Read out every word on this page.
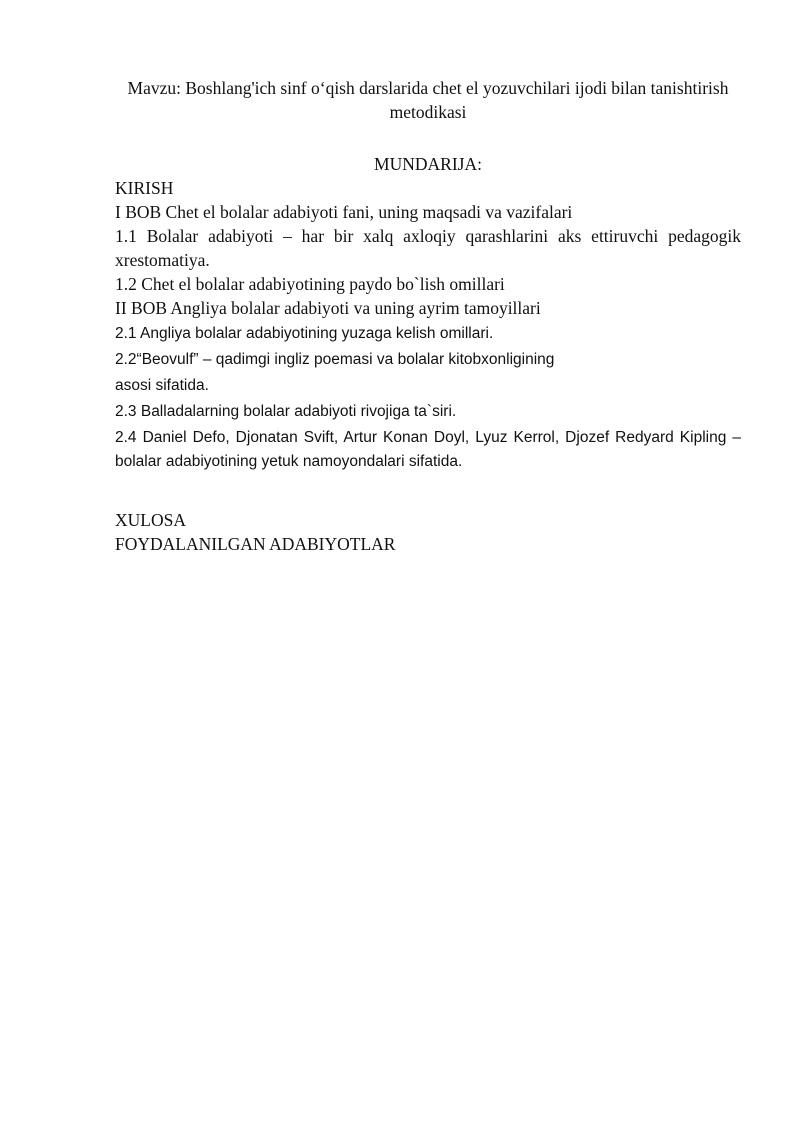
Mavzu: Boshlang'ich sinf o‘qish darslarida chet el yozuvchilari ijodi bilan tanishtirish metodikasi
MUNDARIJA:
KIRISH
I BOB Chet el bolalar adabiyoti fani, uning maqsadi va vazifalari
1.1 Bolalar adabiyoti – har bir xalq axloqiy qarashlarini aks ettiruvchi pedagogik xrestomatiya.
1.2 Chet el bolalar adabiyotining paydo bo`lish omillari
II BOB Angliya bolalar adabiyoti va uning ayrim tamoyillari
2.1 Angliya bolalar adabiyotining yuzaga kelish omillari.
2.2“Beovulf” – qadimgi ingliz poemasi va bolalar kitobxonligining
asosi sifatida.
2.3 Balladalarning bolalar adabiyoti rivojiga ta`siri.
2.4 Daniel Defo, Djonatan Svift, Artur Konan Doyl, Lyuz Kerrol, Djozef Redyard Kipling – bolalar adabiyotining yetuk namoyondalari sifatida.
XULOSA
FOYDALANILGAN ADABIYOTLAR
